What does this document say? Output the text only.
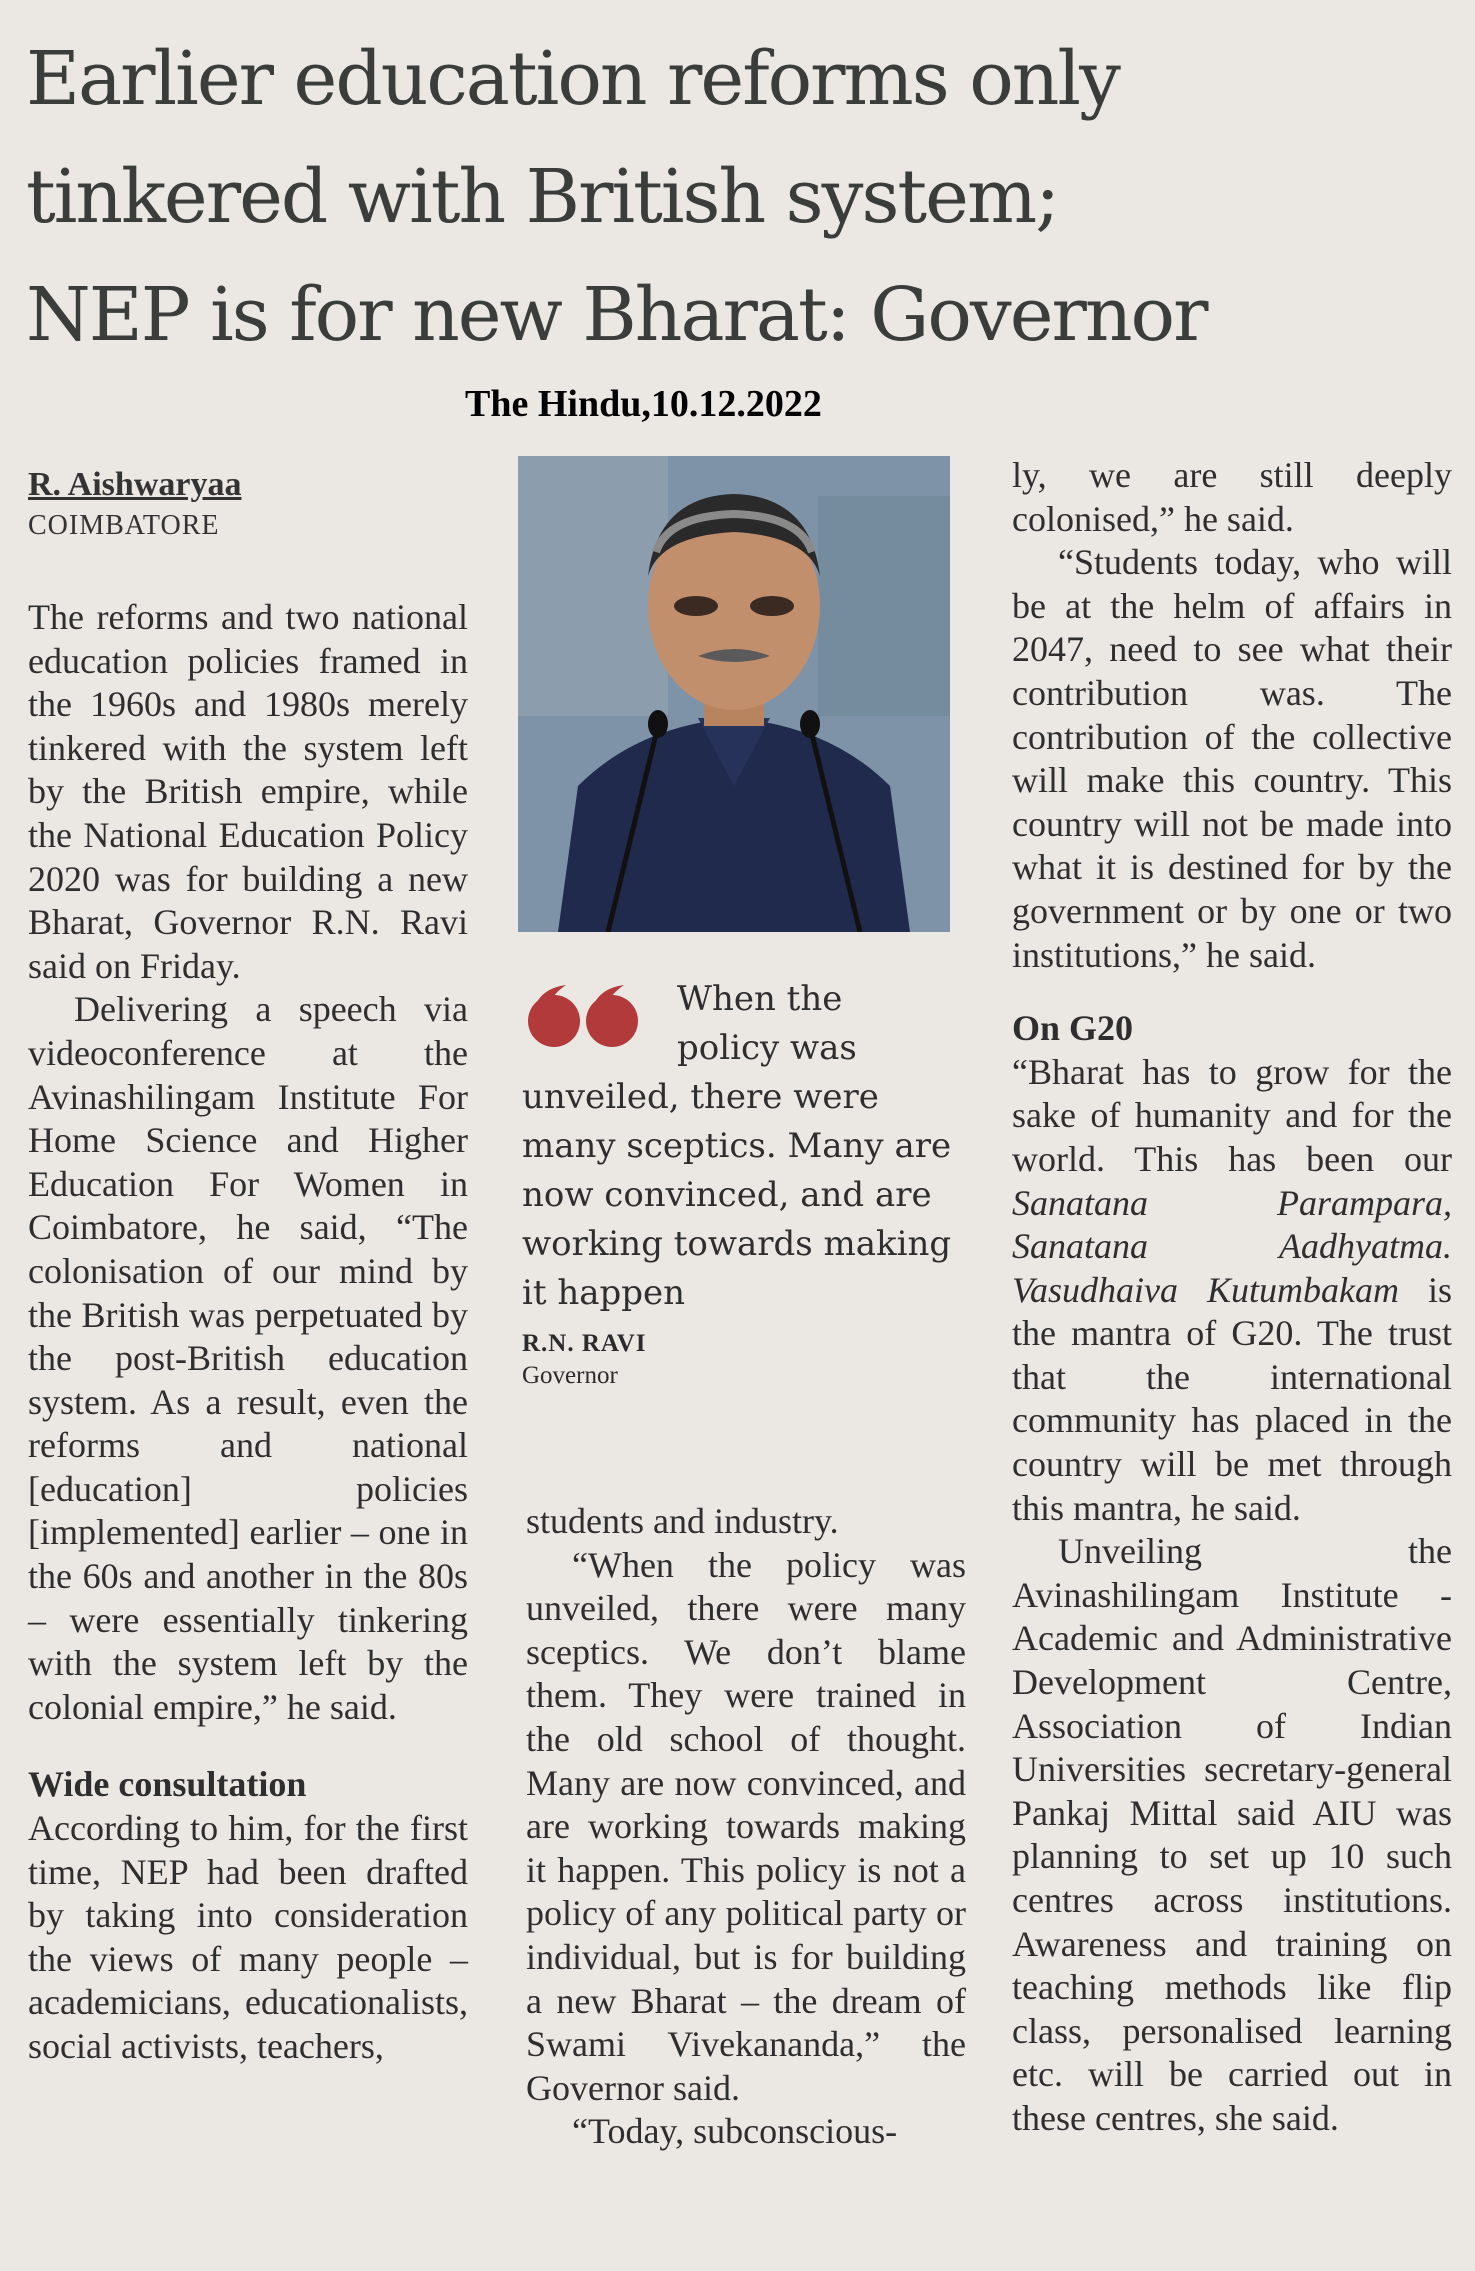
Earlier education reforms only
tinkered with British system;
NEP is for new Bharat: Governor
The Hindu,10.12.2022
R. Aishwaryaa
COIMBATORE

The reforms and two national education policies framed in the 1960s and 1980s merely tinkered with the system left by the British empire, while the National Education Policy 2020 was for building a new Bharat, Governor R.N. Ravi said on Friday.

Delivering a speech via videoconference at the Avinashilingam Institute For Home Science and Higher Education For Women in Coimbatore, he said, “The colonisation of our mind by the British was perpetuated by the post-British education system. As a result, even the reforms and national [education] policies [implemented] earlier – one in the 60s and another in the 80s – were essentially tinkering with the system left by the colonial empire,” he said.

Wide consultation

According to him, for the first time, NEP had been drafted by taking into consideration the views of many people – academicians, educationalists, social activists, teachers,

When the
policy was unveiled, there were many sceptics. Many are now convinced, and are working towards making it happen

R.N. RAVI
Governor

students and industry.

“When the policy was unveiled, there were many sceptics. We don’t blame them. They were trained in the old school of thought. Many are now convinced, and are working towards making it happen. This policy is not a policy of any political party or individual, but is for building a new Bharat – the dream of Swami Vivekananda,” the Governor said.

“Today, subconscious-

ly, we are still deeply colonised,” he said.

“Students today, who will be at the helm of affairs in 2047, need to see what their contribution was. The contribution of the collective will make this country. This country will not be made into what it is destined for by the government or by one or two institutions,” he said.

On G20

“Bharat has to grow for the sake of humanity and for the world. This has been our Sanatana Parampara, Sanatana Aadhyatma. Vasudhaiva Kutumbakam is the mantra of G20. The trust that the international community has placed in the country will be met through this mantra, he said.

Unveiling the Avinashilingam Institute - Academic and Administrative Development Centre, Association of Indian Universities secretary-general Pankaj Mittal said AIU was planning to set up 10 such centres across institutions. Awareness and training on teaching methods like flip class, personalised learning etc. will be carried out in these centres, she said.
